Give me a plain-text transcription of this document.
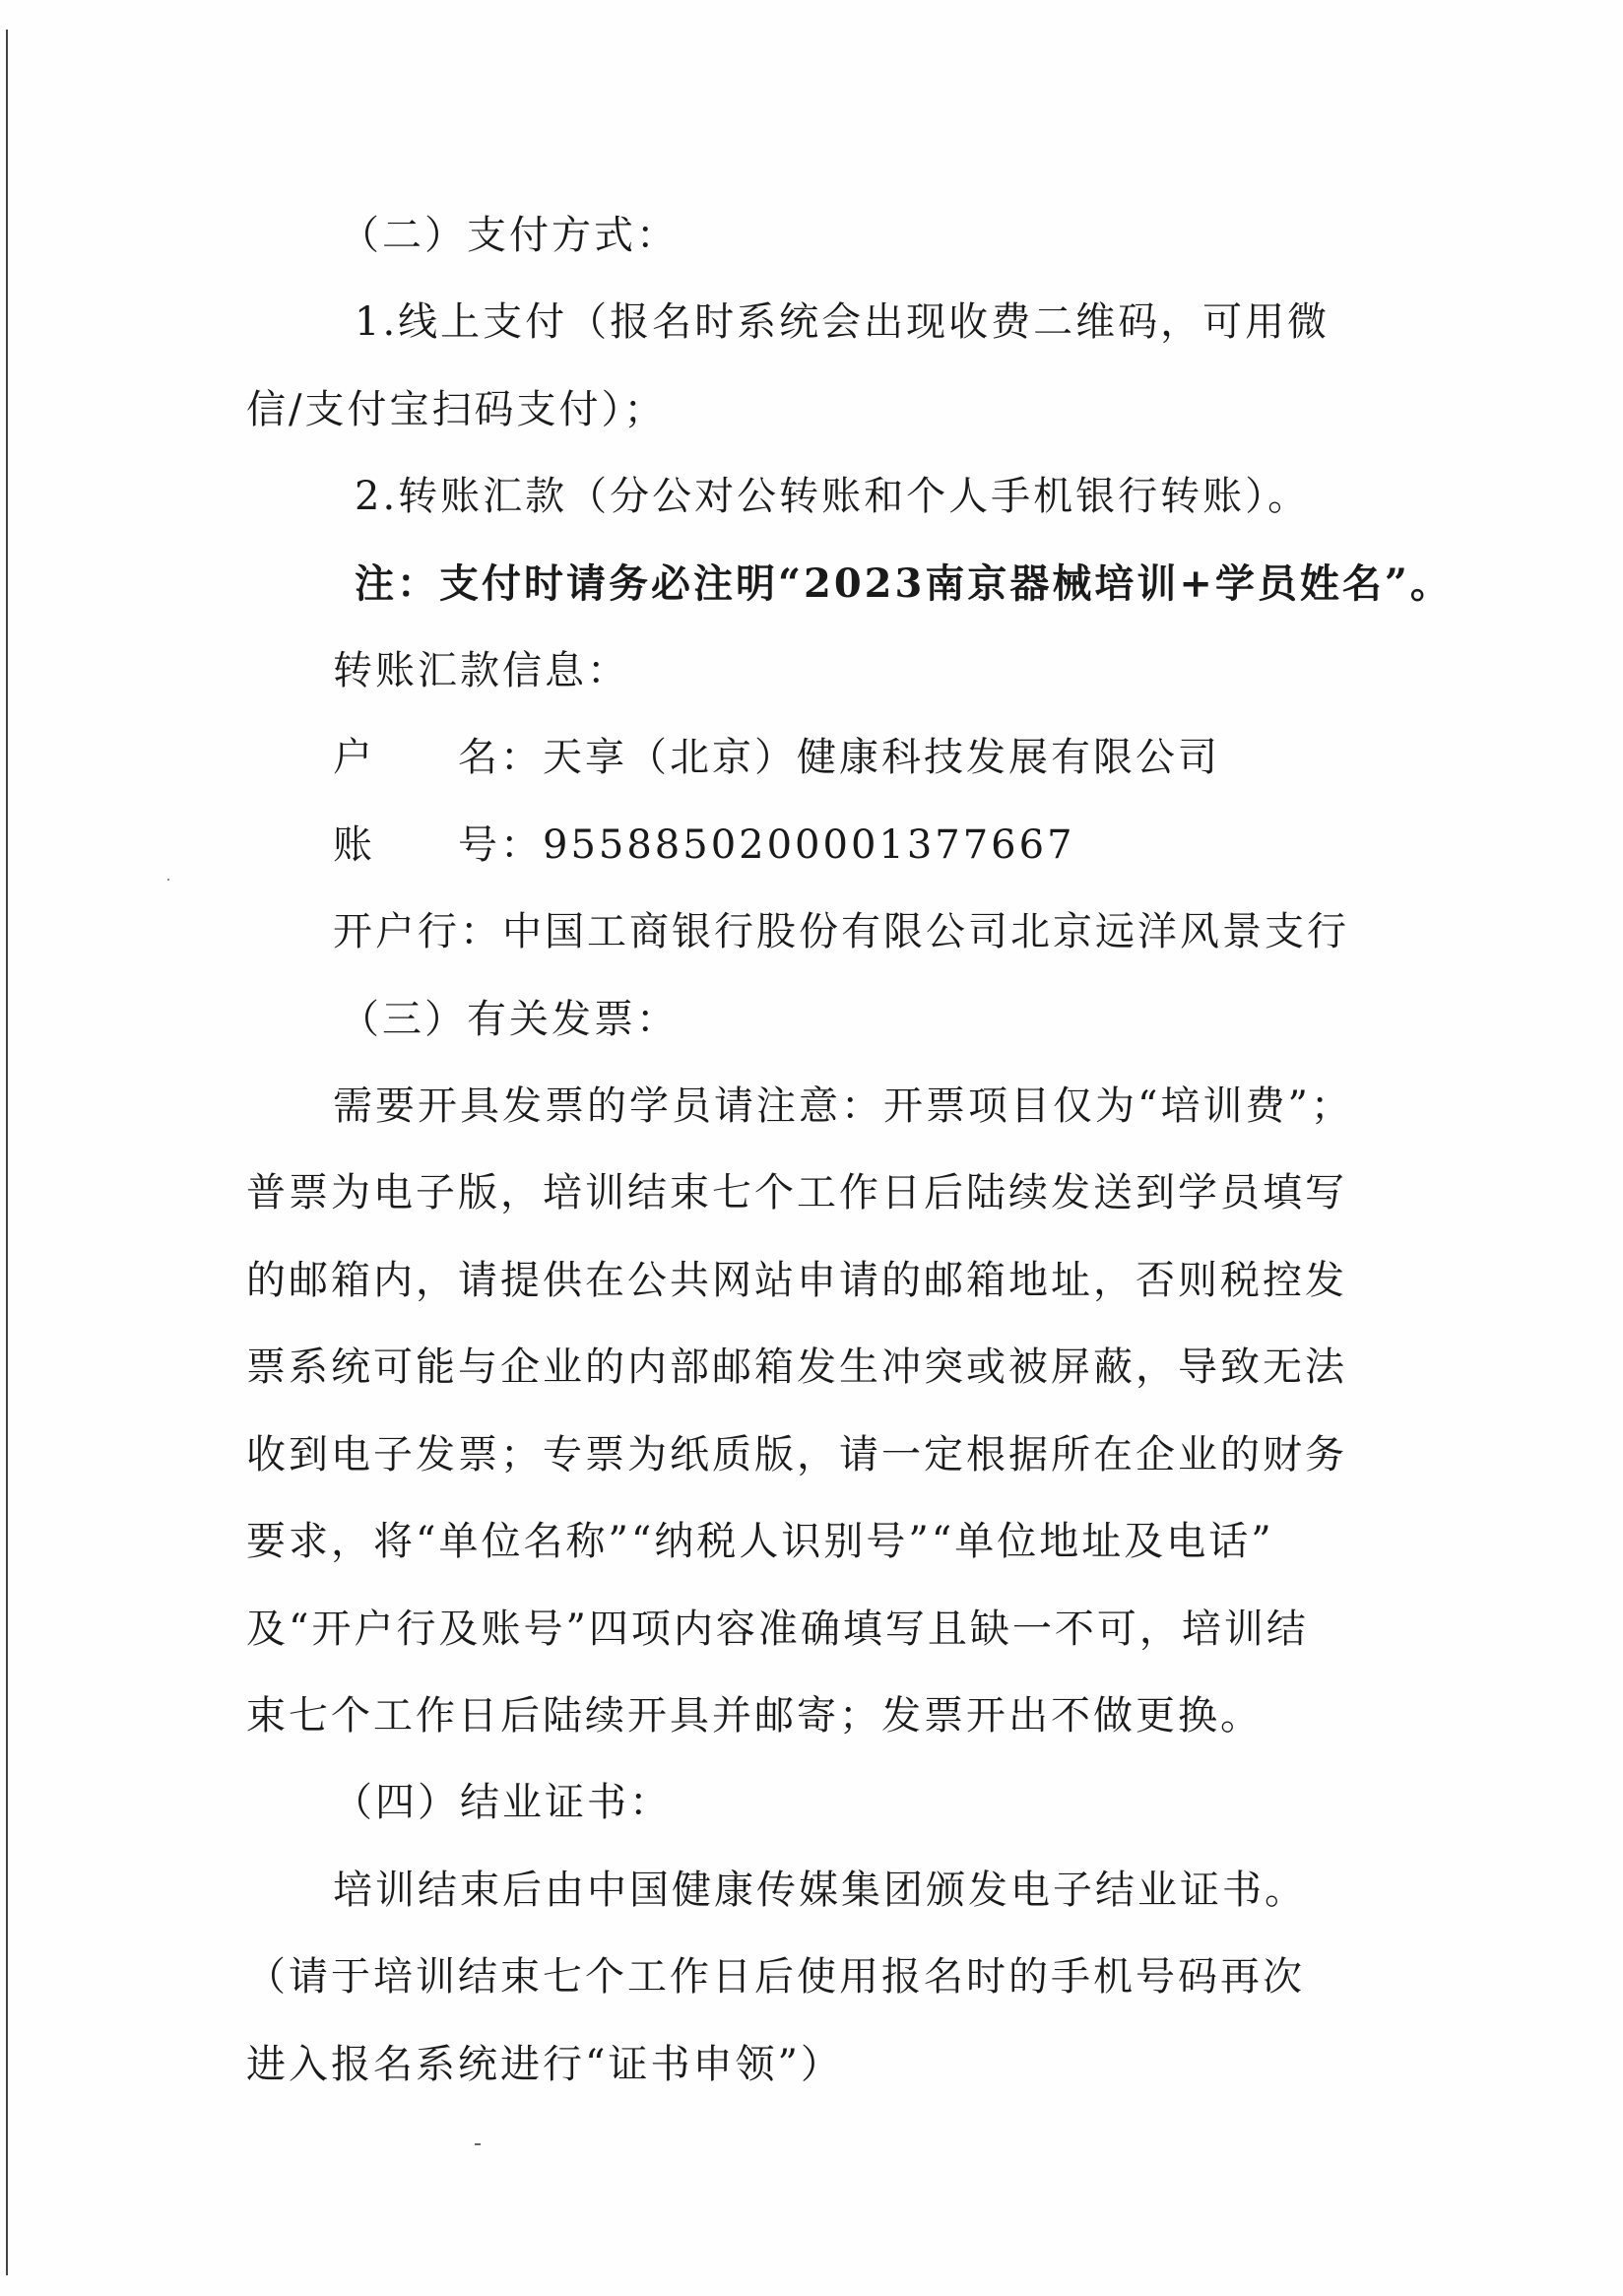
（二）支付方式：
1.线上支付（报名时系统会出现收费二维码，可用微
信/支付宝扫码支付）；
2.转账汇款（分公对公转账和个人手机银行转账）。
注：支付时请务必注明“2023南京器械培训+学员姓名”。
转账汇款信息：
户 名：天享（北京）健康科技发展有限公司
账 号：9558850200001377667
开户行：中国工商银行股份有限公司北京远洋风景支行
（三）有关发票：
需要开具发票的学员请注意：开票项目仅为“培训费”；
普票为电子版，培训结束七个工作日后陆续发送到学员填写
的邮箱内，请提供在公共网站申请的邮箱地址，否则税控发
票系统可能与企业的内部邮箱发生冲突或被屏蔽，导致无法
收到电子发票；专票为纸质版，请一定根据所在企业的财务
要求，将“单位名称”“纳税人识别号”“单位地址及电话”
及“开户行及账号”四项内容准确填写且缺一不可，培训结
束七个工作日后陆续开具并邮寄；发票开出不做更换。
（四）结业证书：
培训结束后由中国健康传媒集团颁发电子结业证书。
（请于培训结束七个工作日后使用报名时的手机号码再次
进入报名系统进行“证书申领”）
